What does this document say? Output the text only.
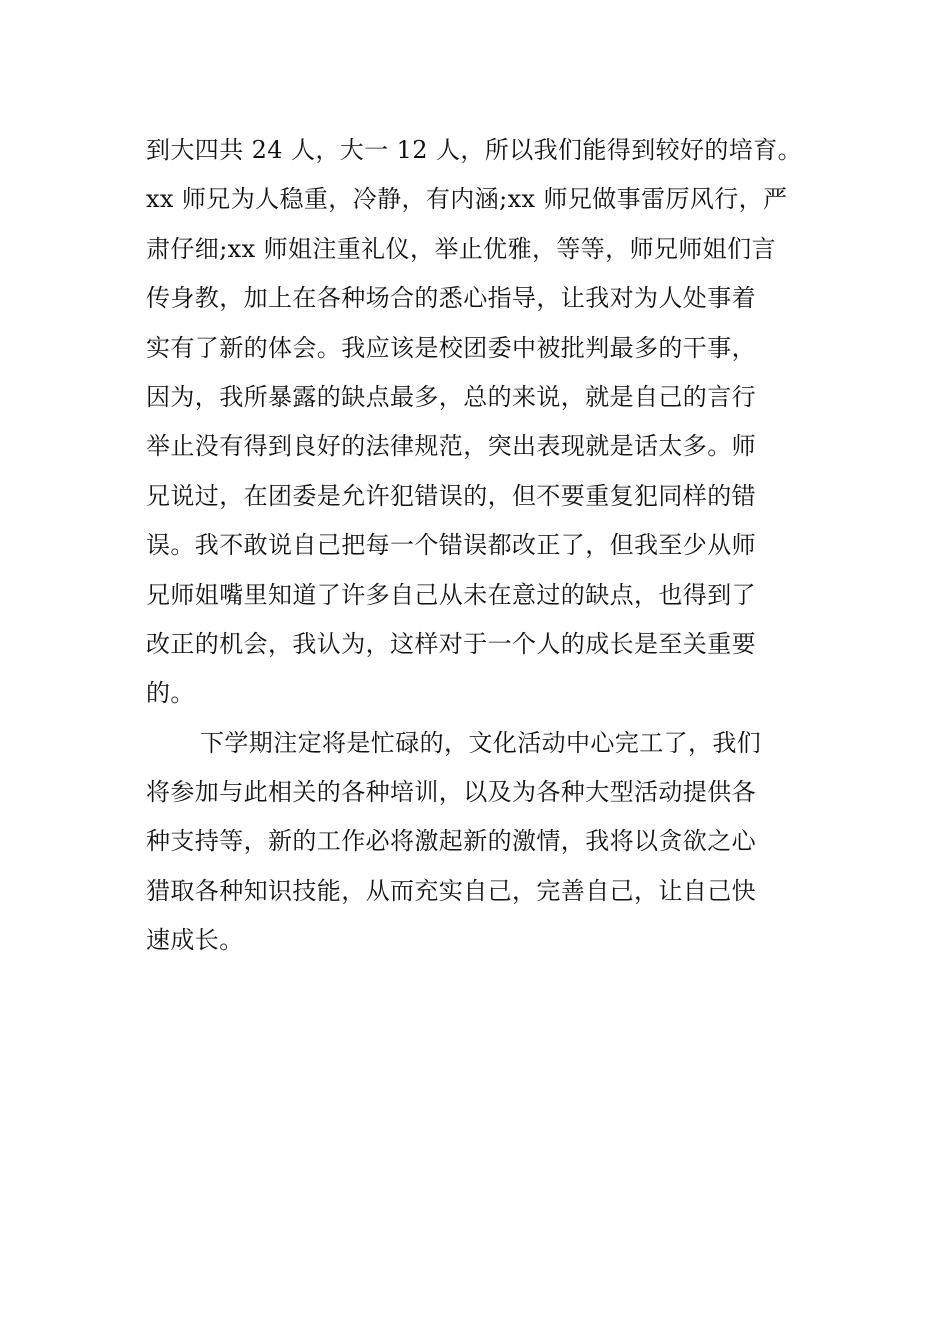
到大四共 24 人，大一 12 人，所以我们能得到较好的培育。
xx 师兄为人稳重，冷静，有内涵;xx 师兄做事雷厉风行，严
肃仔细;xx 师姐注重礼仪，举止优雅，等等，师兄师姐们言
传身教，加上在各种场合的悉心指导，让我对为人处事着
实有了新的体会。我应该是校团委中被批判最多的干事，
因为，我所暴露的缺点最多，总的来说，就是自己的言行
举止没有得到良好的法律规范，突出表现就是话太多。师
兄说过，在团委是允许犯错误的，但不要重复犯同样的错
误。我不敢说自己把每一个错误都改正了，但我至少从师
兄师姐嘴里知道了许多自己从未在意过的缺点，也得到了
改正的机会，我认为，这样对于一个人的成长是至关重要
的。
下学期注定将是忙碌的，文化活动中心完工了，我们
将参加与此相关的各种培训，以及为各种大型活动提供各
种支持等，新的工作必将激起新的激情，我将以贪欲之心
猎取各种知识技能，从而充实自己，完善自己，让自己快
速成长。
